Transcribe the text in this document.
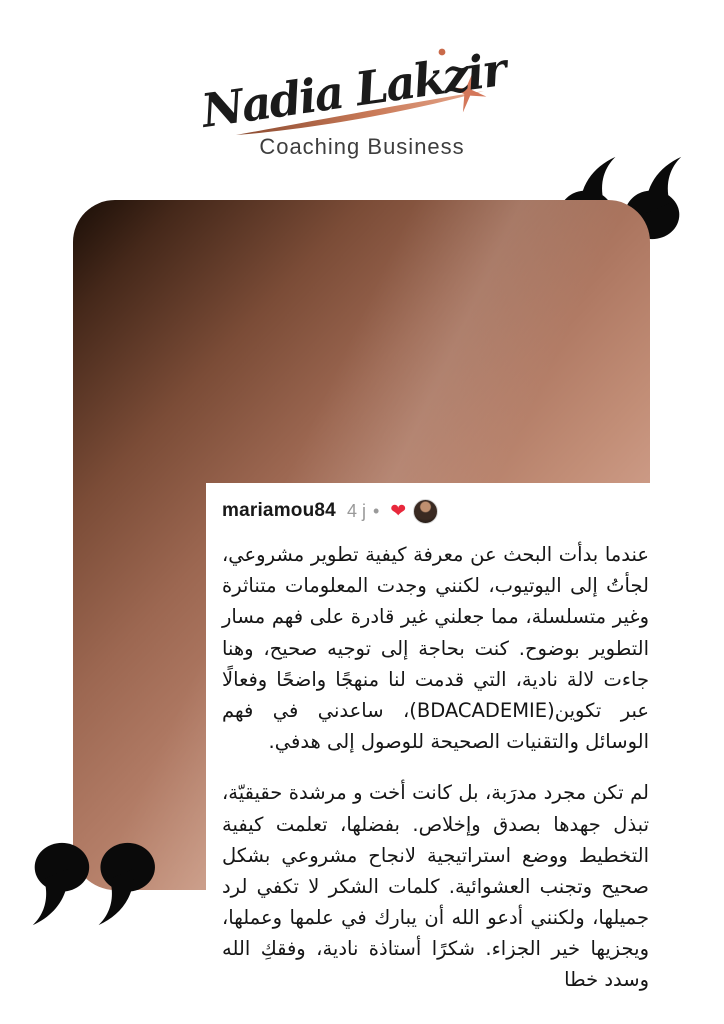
Nadia Lakzir
Coaching Business
mariamou84 4 j • ❤

عندما بدأت البحث عن معرفة كيفية تطوير مشروعي، لجأتُ إلى اليوتيوب، لكنني وجدت المعلومات متناثرة وغير متسلسلة، مما جعلني غير قادرة على فهم مسار التطوير بوضوح. كنت بحاجة إلى توجيه صحيح، وهنا جاءت لالة نادية، التي قدمت لنا منهجًا واضحًا وفعالًا عبر تكوين(BDACADEMIE)، ساعدني في فهم الوسائل والتقنيات الصحيحة للوصول إلى هدفي.

لم تكن مجرد مدرَبة، بل كانت أخت و مرشدة حقيقيّة، تبذل جهدها بصدق وإخلاص. بفضلها، تعلمت كيفية التخطيط ووضع استراتيجية لانجاح مشروعي بشكل صحيح وتجنب العشوائية. كلمات الشكر لا تكفي لرد جميلها، ولكنني أدعو الله أن يبارك في علمها وعملها، ويجزيها خير الجزاء. شكرًا أستاذة نادية، وفقكِ الله وسدد خطا
